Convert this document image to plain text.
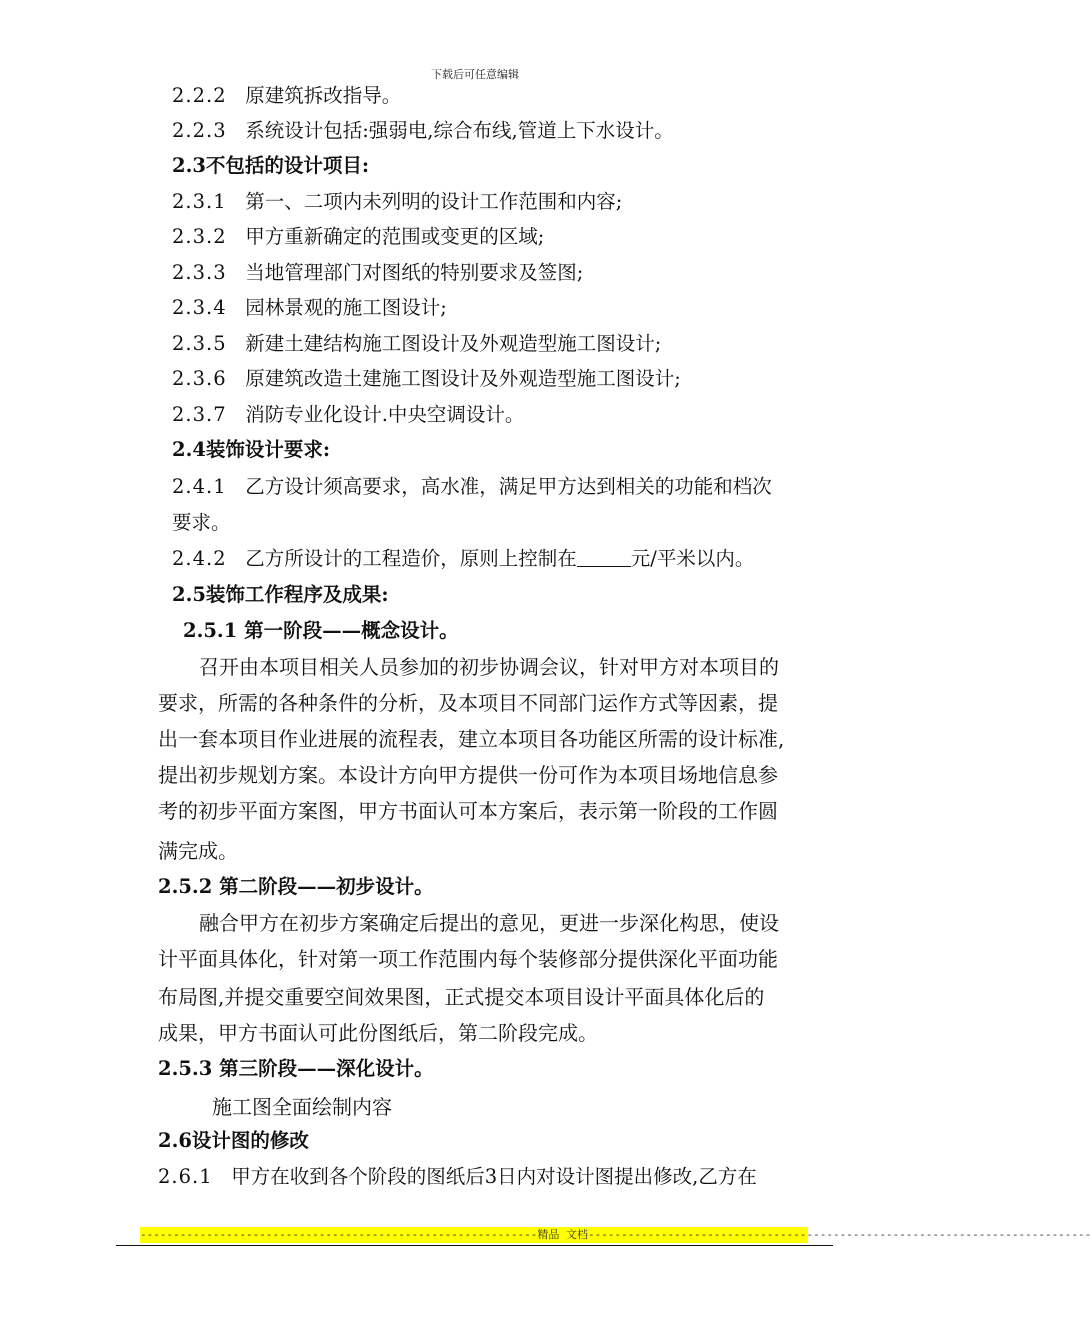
下载后可任意编辑
2.2.2 原建筑拆改指导。
2.2.3 系统设计包括:强弱电,综合布线,管道上下水设计。
2.3不包括的设计项目:
2.3.1 第一、二项内未列明的设计工作范围和内容;
2.3.2 甲方重新确定的范围或变更的区域;
2.3.3 当地管理部门对图纸的特别要求及签图;
2.3.4 园林景观的施工图设计;
2.3.5 新建土建结构施工图设计及外观造型施工图设计;
2.3.6 原建筑改造土建施工图设计及外观造型施工图设计;
2.3.7 消防专业化设计.中央空调设计。
2.4装饰设计要求:
2.4.1 乙方设计须高要求，高水准，满足甲方达到相关的功能和档次
要求。
2.4.2 乙方所设计的工程造价，原则上控制在	元/平米以内。
2.5装饰工作程序及成果:
2.5.1 第一阶段——概念设计。
召开由本项目相关人员参加的初步协调会议，针对甲方对本项目的
要求，所需的各种条件的分析，及本项目不同部门运作方式等因素，提
出一套本项目作业进展的流程表，建立本项目各功能区所需的设计标准,
提出初步规划方案。本设计方向甲方提供一份可作为本项目场地信息参
考的初步平面方案图，甲方书面认可本方案后，表示第一阶段的工作圆
满完成。
2.5.2 第二阶段——初步设计。
融合甲方在初步方案确定后提出的意见，更进一步深化构思，使设
计平面具体化，针对第一项工作范围内每个装修部分提供深化平面功能
布局图,并提交重要空间效果图，正式提交本项目设计平面具体化后的
成果，甲方书面认可此份图纸后，第二阶段完成。
2.5.3 第三阶段——深化设计。
施工图全面绘制内容
2.6设计图的修改
2.6.1 甲方在收到各个阶段的图纸后3日内对设计图提出修改,乙方在
------------------------------------------------------------精品 文档----------------------------------------------------------------------------
